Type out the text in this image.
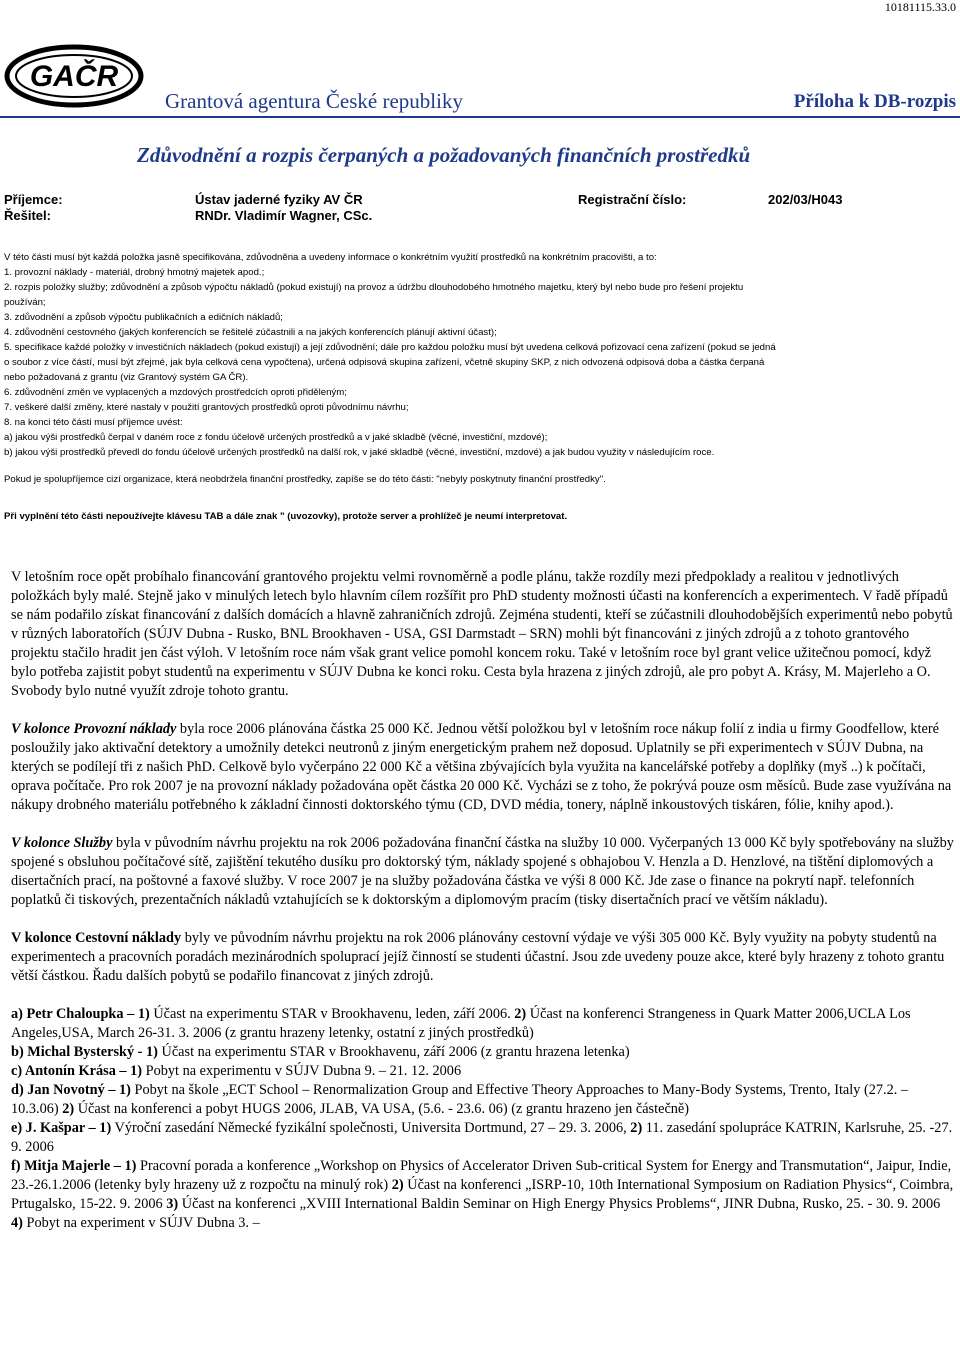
10181115.33.0
GAČR
Grantová agentura České republiky	Příloha k DB-rozpis
Zdůvodnění a rozpis čerpaných a požadovaných finančních prostředků
Příjemce:	Ústav jaderné fyziky AV ČR
Řešitel:	RNDr. Vladimír Wagner, CSc.
Registrační číslo:	202/03/H043
V této části musí být každá položka jasně specifikována, zdůvodněna a uvedeny informace o konkrétním využití prostředků na konkrétním pracovišti, a to:
1. provozní náklady - materiál, drobný hmotný majetek apod.;
2. rozpis položky služby; zdůvodnění a způsob výpočtu nákladů (pokud existují) na provoz a údržbu dlouhodobého hmotného majetku, který byl nebo bude pro řešení projektu
používán;
3. zdůvodnění a způsob výpočtu publikačních a edičních nákladů;
4. zdůvodnění cestovného (jakých konferencích se řešitelé zúčastnili a na jakých konferencích plánují aktivní účast);
5. specifikace každé položky v investičních nákladech (pokud existují) a její zdůvodnění; dále pro každou položku musí být uvedena celková pořizovací cena zařízení (pokud se jedná
o soubor z více částí, musí být zřejmé, jak byla celková cena vypočtena), určená odpisová skupina zařízení, včetně skupiny SKP, z nich odvozená odpisová doba a částka čerpaná
nebo požadovaná z grantu (viz Grantový systém GA ČR).
6. zdůvodnění změn ve vyplacených a mzdových prostředcích oproti přiděleným;
7. veškeré další změny, které nastaly v použití grantových prostředků oproti původnímu návrhu;
8. na konci této části musí příjemce uvést:
a) jakou výši prostředků čerpal v daném roce z fondu účelově určených prostředků a v jaké skladbě (věcné, investiční, mzdové);
b) jakou výši prostředků převedl do fondu účelově určených prostředků na další rok, v jaké skladbě (věcné, investiční, mzdové) a jak budou využity v následujícím roce.
Pokud je spolupříjemce cizí organizace, která neobdržela finanční prostředky, zapíše se do této části: "nebyly poskytnuty finanční prostředky".
Při vyplnění této části nepoužívejte klávesu TAB a dále znak " (uvozovky), protože server a prohlížeč je neumí interpretovat.

V letošním roce opět probíhalo financování grantového projektu velmi rovnoměrně a podle plánu, takže rozdíly mezi předpoklady a realitou v jednotlivých položkách byly malé. Stejně jako v minulých letech bylo hlavním cílem rozšířit pro PhD studenty možnosti účasti na konferencích a experimentech. V řadě případů se nám podařilo získat financování z dalších domácích a hlavně zahraničních zdrojů. Zejména studenti, kteří se zúčastnili dlouhodobějších experimentů nebo pobytů v různých laboratořích (SÚJV Dubna - Rusko, BNL Brookhaven - USA, GSI Darmstadt – SRN) mohli být financováni z jiných zdrojů a z tohoto grantového projektu stačilo hradit jen část výloh. V letošním roce nám však grant velice pomohl koncem roku. Také v letošním roce byl grant velice užitečnou pomocí, když bylo potřeba zajistit pobyt studentů na experimentu v SÚJV Dubna ke konci roku. Cesta byla hrazena z jiných zdrojů, ale pro pobyt A. Krásy, M. Majerleho a O. Svobody bylo nutné využít zdroje tohoto grantu.

V kolonce Provozní náklady byla roce 2006 plánována částka 25 000 Kč. Jednou větší položkou byl v letošním roce nákup folií z india u firmy Goodfellow, které posloužily jako aktivační detektory a umožnily detekci neutronů z jiným energetickým prahem než doposud. Uplatnily se při experimentech v SÚJV Dubna, na kterých se podílejí tři z našich PhD. Celkově bylo vyčerpáno 22 000 Kč a většina zbývajících byla využita na kancelářské potřeby a doplňky (myš ..) k počítači, oprava počítače. Pro rok 2007 je na provozní náklady požadována opět částka 20 000 Kč. Vycházi se z toho, že pokrývá pouze osm měsíců. Bude zase využívána na nákupy drobného materiálu potřebného k základní činnosti doktorského týmu (CD, DVD média, tonery, náplně inkoustových tiskáren, fólie, knihy apod.).

V kolonce Služby byla v původním návrhu projektu na rok 2006 požadována finanční částka na služby 10 000. Vyčerpaných 13 000 Kč byly spotřebovány na služby spojené s obsluhou počítačové sítě, zajištění tekutého dusíku pro doktorský tým, náklady spojené s obhajobou V. Henzla a D. Henzlové, na tištění diplomových a disertačních prací, na poštovné a faxové služby. V roce 2007 je na služby požadována částka ve výši 8 000 Kč. Jde zase o finance na pokrytí např. telefonních poplatků či tiskových, prezentačních nákladů vztahujících se k doktorským a diplomovým pracím (tisky disertačních prací ve větším nákladu).

V kolonce Cestovní náklady byly ve původním návrhu projektu na rok 2006 plánovány cestovní výdaje ve výši 305 000 Kč. Byly využity na pobyty studentů na experimentech a pracovních poradách mezinárodních spoluprací jejíž činností se studenti účastní. Jsou zde uvedeny pouze akce, které byly hrazeny z tohoto grantu větší částkou. Řadu dalších pobytů se podařilo financovat z jiných zdrojů.

a) Petr Chaloupka – 1) Účast na experimentu STAR v Brookhavenu, leden, září 2006. 2) Účast na konferenci Strangeness in Quark Matter 2006,UCLA Los Angeles,USA, March 26-31. 3. 2006 (z grantu hrazeny letenky, ostatní z jiných prostředků)

b) Michal Bysterský - 1) Účast na experimentu STAR v Brookhavenu, září 2006 (z grantu hrazena letenka)

c) Antonín Krása – 1) Pobyt na experimentu v SÚJV Dubna 9. – 21. 12. 2006

d) Jan Novotný – 1) Pobyt na škole „ECT School – Renormalization Group and Effective Theory Approaches to Many-Body Systems, Trento, Italy (27.2. – 10.3.06) 2) Účast na konferenci a pobyt HUGS 2006, JLAB, VA USA, (5.6. - 23.6. 06) (z grantu hrazeno jen částečně)

e) J. Kašpar – 1) Výroční zasedání Německé fyzikální společnosti, Universita Dortmund, 27 – 29. 3. 2006, 2) 11. zasedání spolupráce KATRIN, Karlsruhe, 25. -27. 9. 2006

f) Mitja Majerle – 1) Pracovní porada a konference „Workshop on Physics of Accelerator Driven Sub-critical System for Energy and Transmutation“, Jaipur, Indie, 23.-26.1.2006 (letenky byly hrazeny už z rozpočtu na minulý rok) 2) Účast na konferenci „ISRP-10, 10th International Symposium on Radiation Physics“, Coimbra, Prtugalsko, 15-22. 9. 2006 3) Účast na konferenci „XVIII International Baldin Seminar on High Energy Physics Problems“, JINR Dubna, Rusko, 25. - 30. 9. 2006 4) Pobyt na experiment v SÚJV Dubna 3. –
